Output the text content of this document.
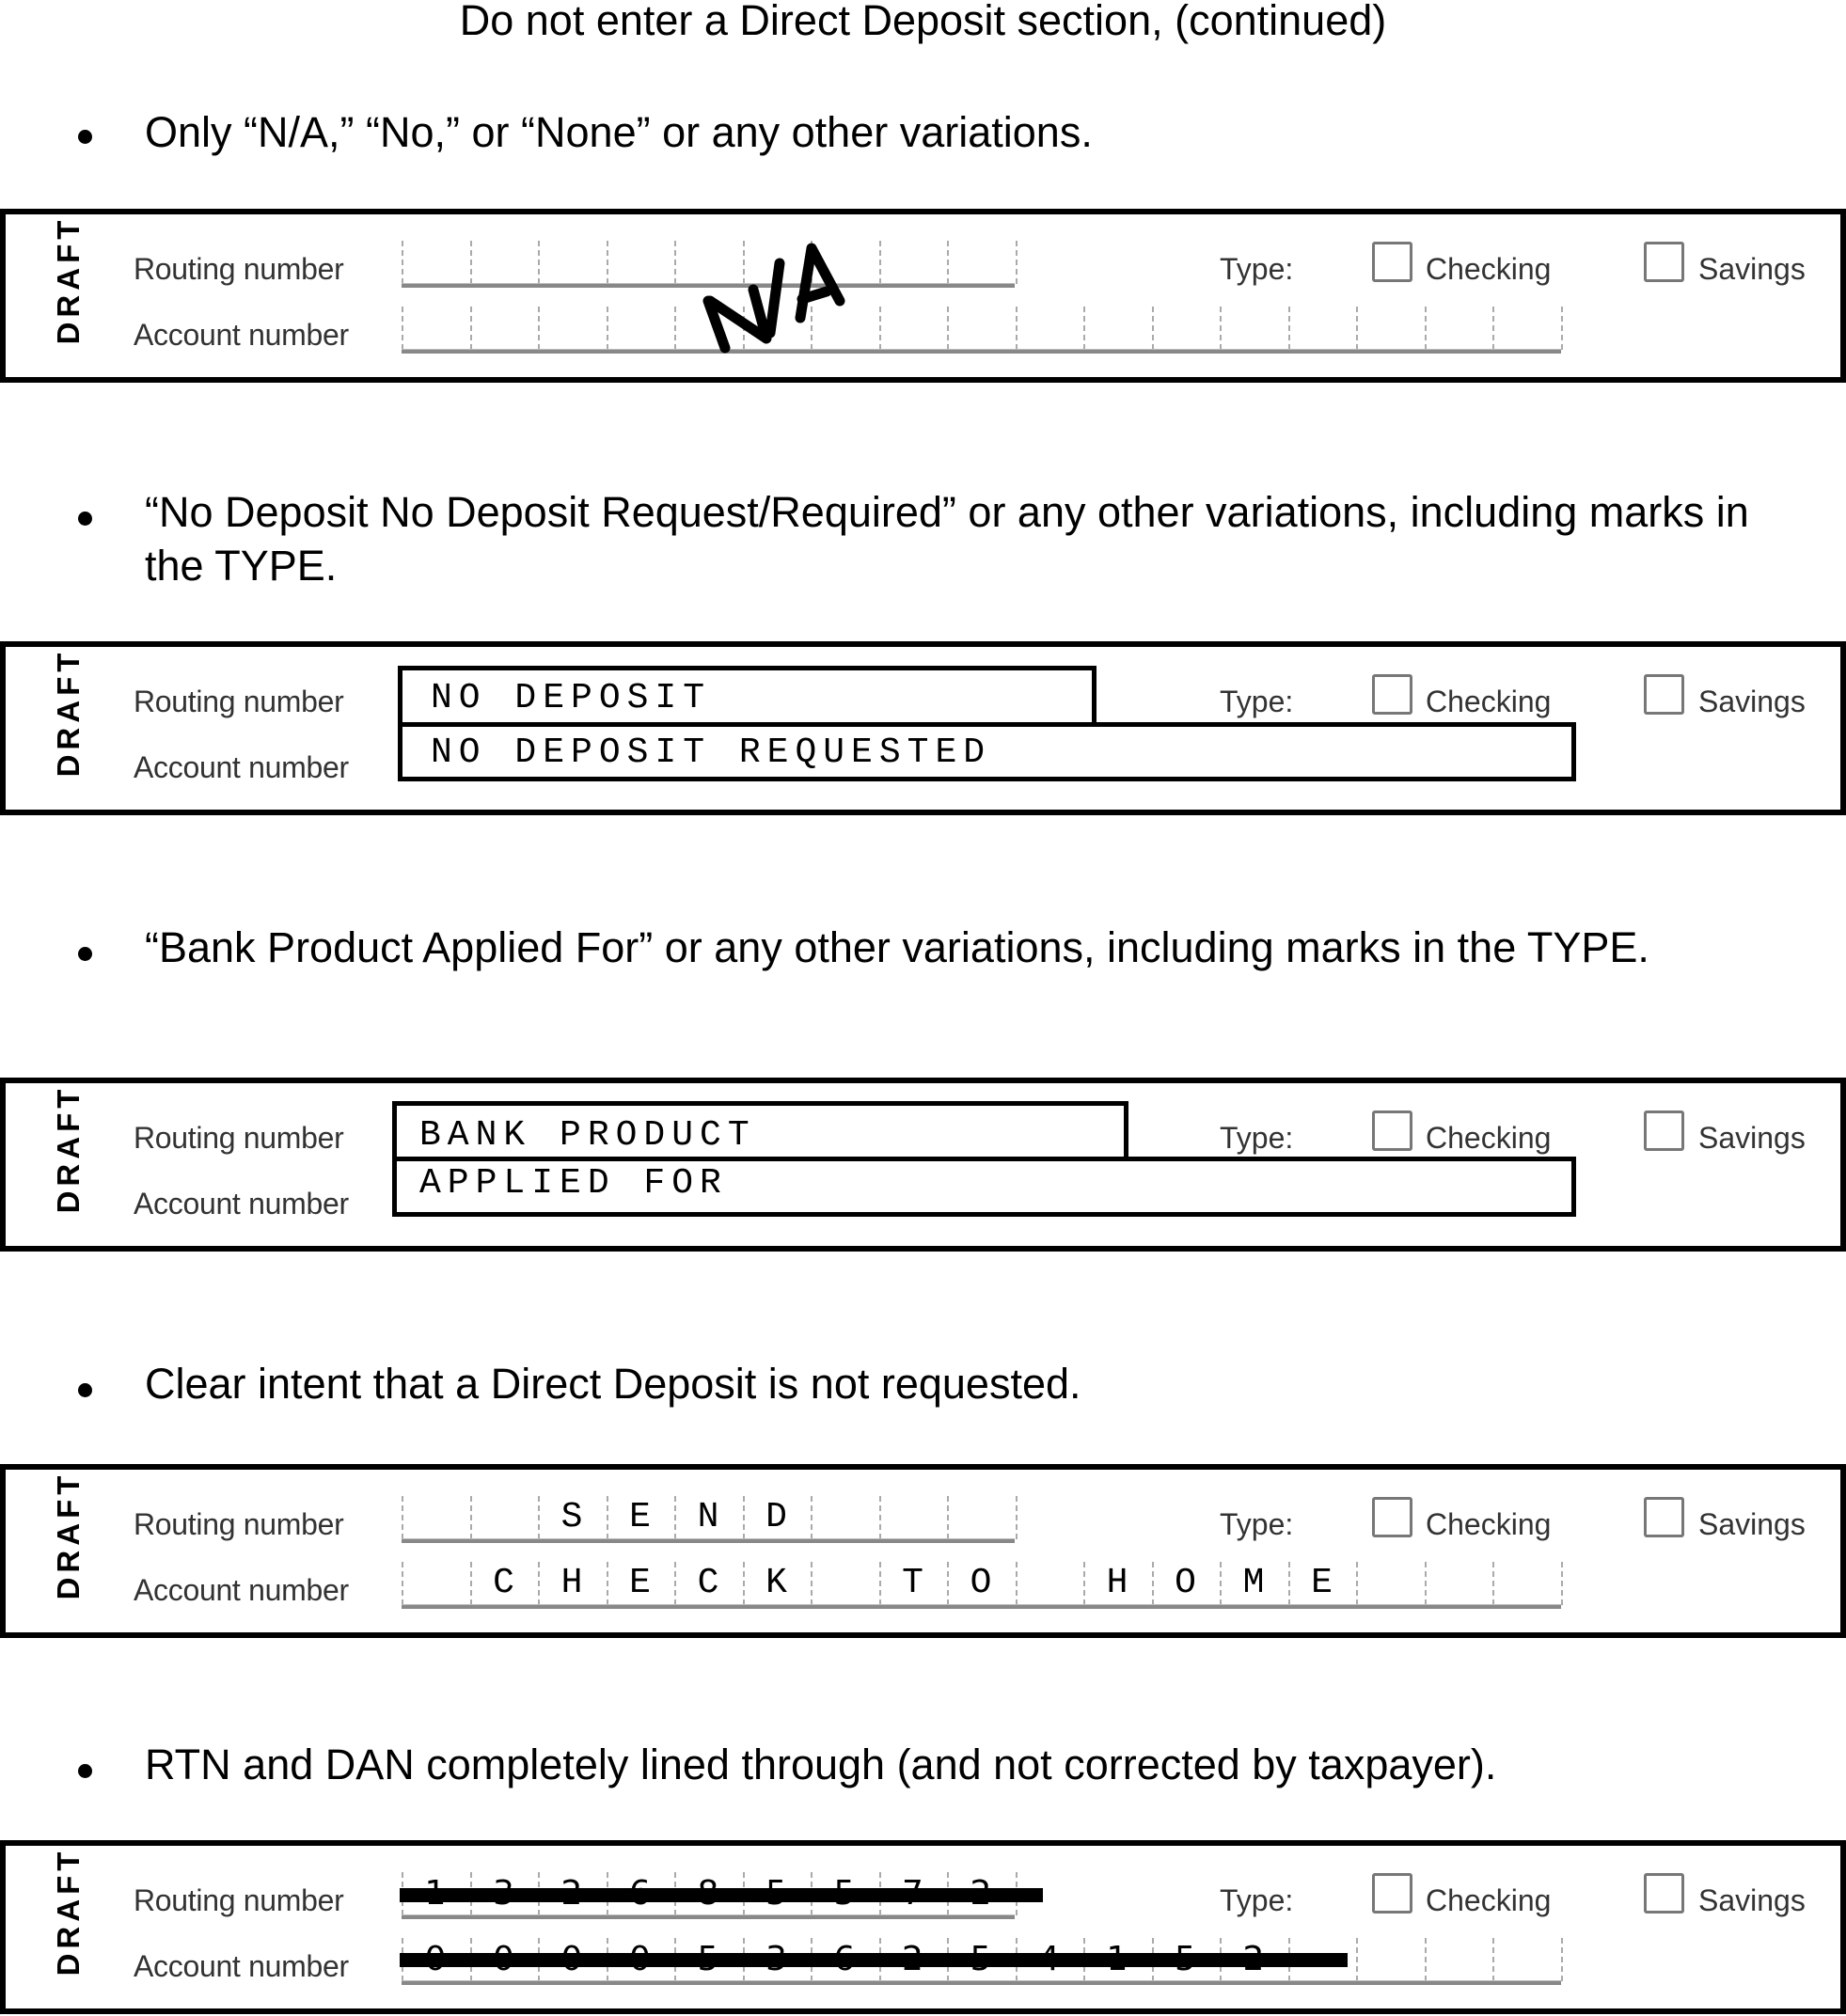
Do not enter a Direct Deposit section, (continued)
Only “N/A,” “No,” or “None” or any other variations.
DRAFT Routing number
Account number
Type:	Checking	Savings
“No Deposit No Deposit Request/Required” or any other variations, including marks in the TYPE.
DRAFT Routing number
Account number
Type:	Checking	Savings
NO DEPOSIT
NO DEPOSIT REQUESTED
“Bank Product Applied For” or any other variations, including marks in the TYPE.
DRAFT Routing number
Account number
Type:	Checking	Savings
BANK PRODUCT
APPLIED FOR
Clear intent that a Direct Deposit is not requested.
DRAFT Routing number
Account number
S	E	N	D
C	H	E	C	K	T	O	H	O	M	E
Type:	Checking	Savings
RTN and DAN completely lined through (and not corrected by taxpayer).
DRAFT Routing number
Account number
Type:	Checking	Savings
